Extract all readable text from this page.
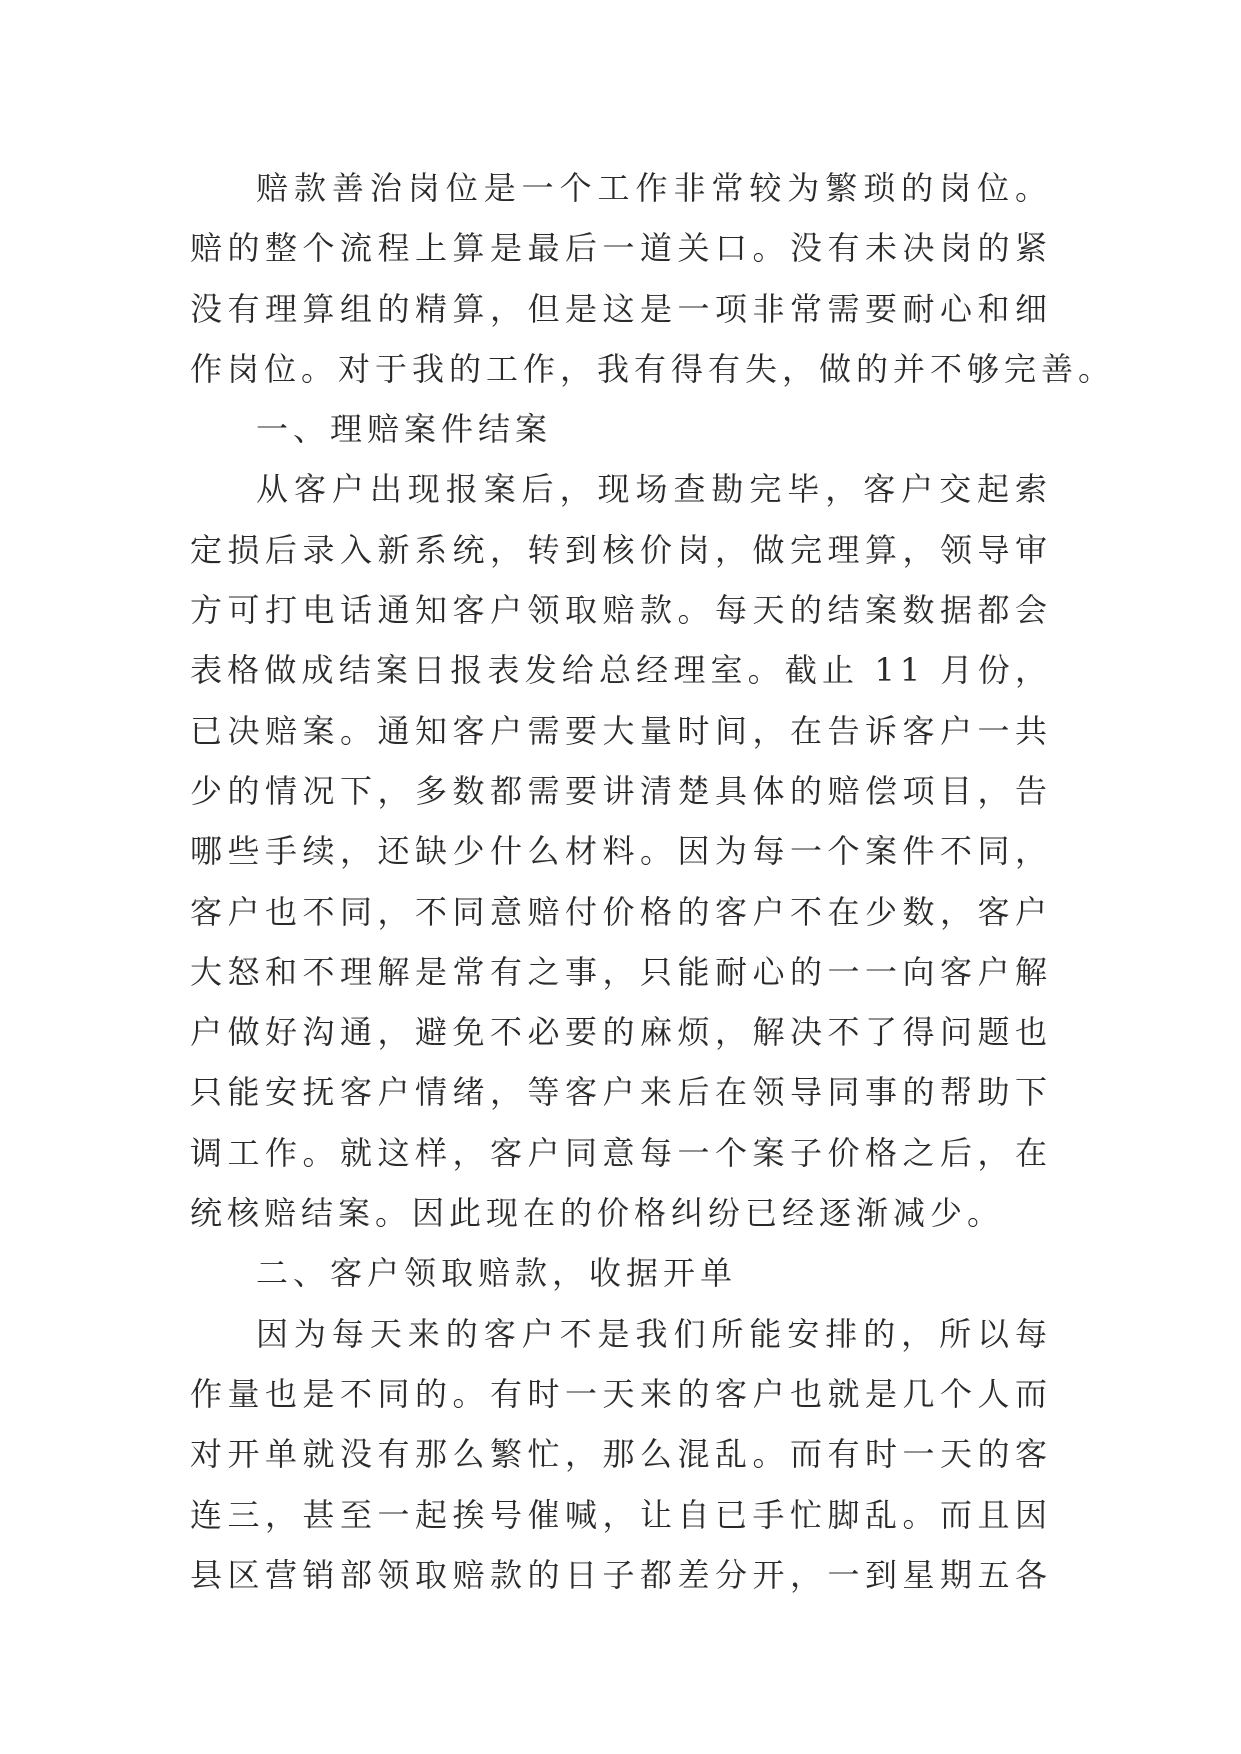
赔款善治岗位是一个工作非常较为繁琐的岗位。
赔的整个流程上算是最后一道关口。没有未决岗的紧
没有理算组的精算，但是这是一项非常需要耐心和细
作岗位。对于我的工作，我有得有失，做的并不够完善。
一、理赔案件结案
从客户出现报案后，现场查勘完毕，客户交起索
定损后录入新系统，转到核价岗，做完理算，领导审
方可打电话通知客户领取赔款。每天的结案数据都会
表格做成结案日报表发给总经理室。截止 11 月份，
已决赔案。通知客户需要大量时间，在告诉客户一共
少的情况下，多数都需要讲清楚具体的赔偿项目，告
哪些手续，还缺少什么材料。因为每一个案件不同，
客户也不同，不同意赔付价格的客户不在少数，客户
大怒和不理解是常有之事，只能耐心的一一向客户解
户做好沟通，避免不必要的麻烦，解决不了得问题也
只能安抚客户情绪，等客户来后在领导同事的帮助下
调工作。就这样，客户同意每一个案子价格之后，在
统核赔结案。因此现在的价格纠纷已经逐渐减少。
二、客户领取赔款，收据开单
因为每天来的客户不是我们所能安排的，所以每
作量也是不同的。有时一天来的客户也就是几个人而
对开单就没有那么繁忙，那么混乱。而有时一天的客
连三，甚至一起挨号催喊，让自已手忙脚乱。而且因
县区营销部领取赔款的日子都差分开，一到星期五各
